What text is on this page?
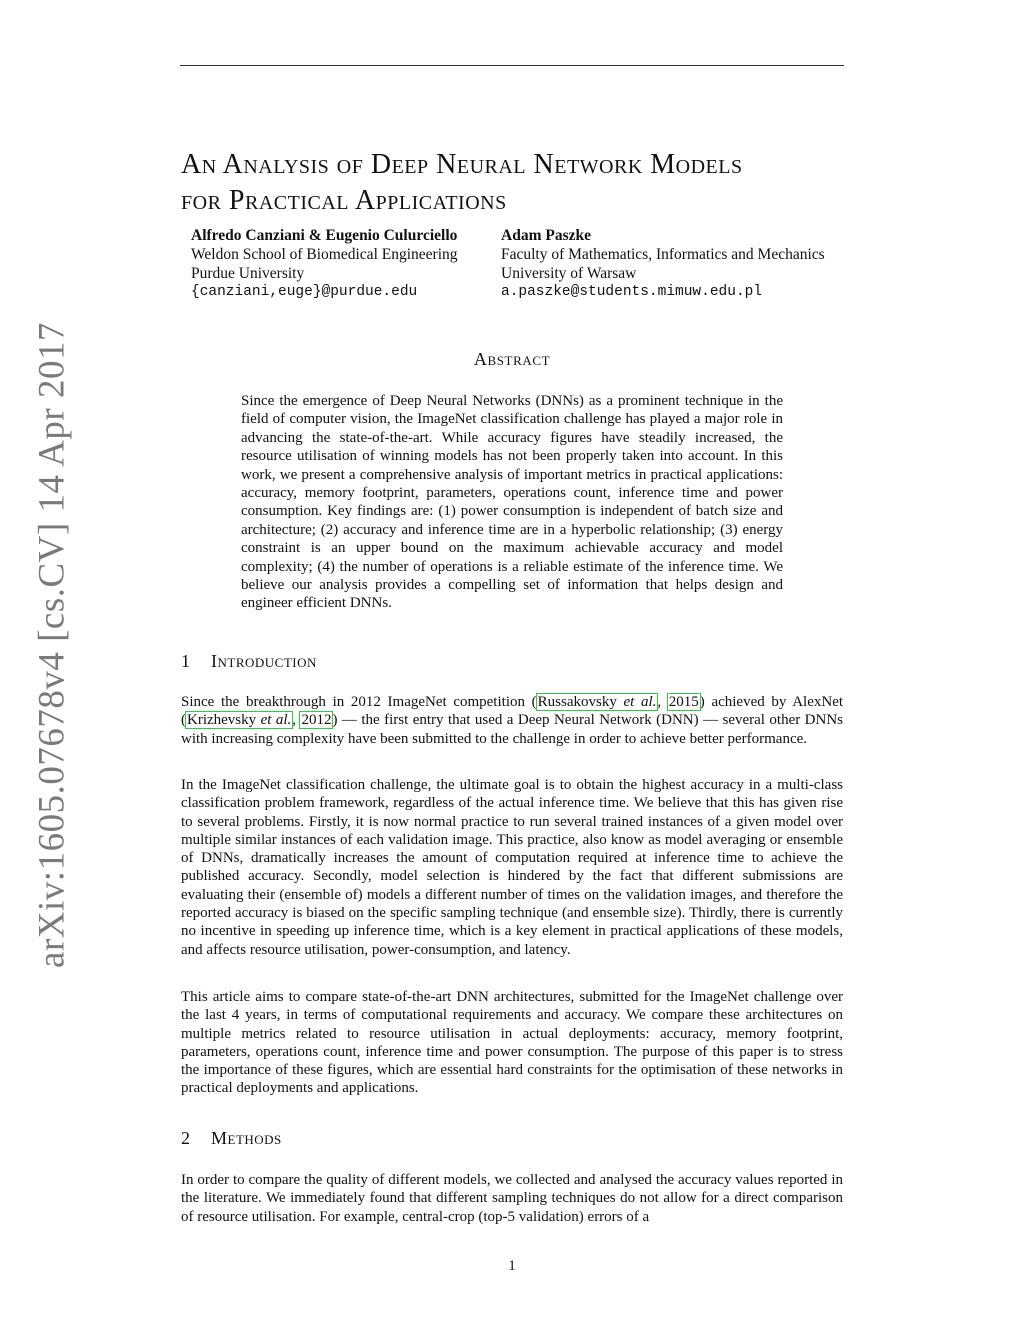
arXiv:1605.07678v4 [cs.CV] 14 Apr 2017
An Analysis of Deep Neural Network Models
for Practical Applications
Alfredo Canziani & Eugenio Culurciello
Weldon School of Biomedical Engineering
Purdue University
{canziani,euge}@purdue.edu
Adam Paszke
Faculty of Mathematics, Informatics and Mechanics
University of Warsaw
a.paszke@students.mimuw.edu.pl
Abstract

Since the emergence of Deep Neural Networks (DNNs) as a prominent technique in the field of computer vision, the ImageNet classification challenge has played a major role in advancing the state-of-the-art. While accuracy figures have steadily increased, the resource utilisation of winning models has not been properly taken into account. In this work, we present a comprehensive analysis of important metrics in practical applications: accuracy, memory footprint, parameters, operations count, inference time and power consumption. Key findings are: (1) power consumption is independent of batch size and architecture; (2) accuracy and inference time are in a hyperbolic relationship; (3) energy constraint is an upper bound on the maximum achievable accuracy and model complexity; (4) the number of operations is a reliable estimate of the inference time. We believe our analysis provides a compelling set of information that helps design and engineer efficient DNNs.

1 Introduction

Since the breakthrough in 2012 ImageNet competition (Russakovsky et al., 2015) achieved by AlexNet (Krizhevsky et al., 2012) — the first entry that used a Deep Neural Network (DNN) — several other DNNs with increasing complexity have been submitted to the challenge in order to achieve better performance.

In the ImageNet classification challenge, the ultimate goal is to obtain the highest accuracy in a multi-class classification problem framework, regardless of the actual inference time. We believe that this has given rise to several problems. Firstly, it is now normal practice to run several trained instances of a given model over multiple similar instances of each validation image. This practice, also know as model averaging or ensemble of DNNs, dramatically increases the amount of computation required at inference time to achieve the published accuracy. Secondly, model selection is hindered by the fact that different submissions are evaluating their (ensemble of) models a different number of times on the validation images, and therefore the reported accuracy is biased on the specific sampling technique (and ensemble size). Thirdly, there is currently no incentive in speeding up inference time, which is a key element in practical applications of these models, and affects resource utilisation, power-consumption, and latency.

This article aims to compare state-of-the-art DNN architectures, submitted for the ImageNet challenge over the last 4 years, in terms of computational requirements and accuracy. We compare these architectures on multiple metrics related to resource utilisation in actual deployments: accuracy, memory footprint, parameters, operations count, inference time and power consumption. The purpose of this paper is to stress the importance of these figures, which are essential hard constraints for the optimisation of these networks in practical deployments and applications.

2 Methods

In order to compare the quality of different models, we collected and analysed the accuracy values reported in the literature. We immediately found that different sampling techniques do not allow for a direct comparison of resource utilisation. For example, central-crop (top-5 validation) errors of a

1
